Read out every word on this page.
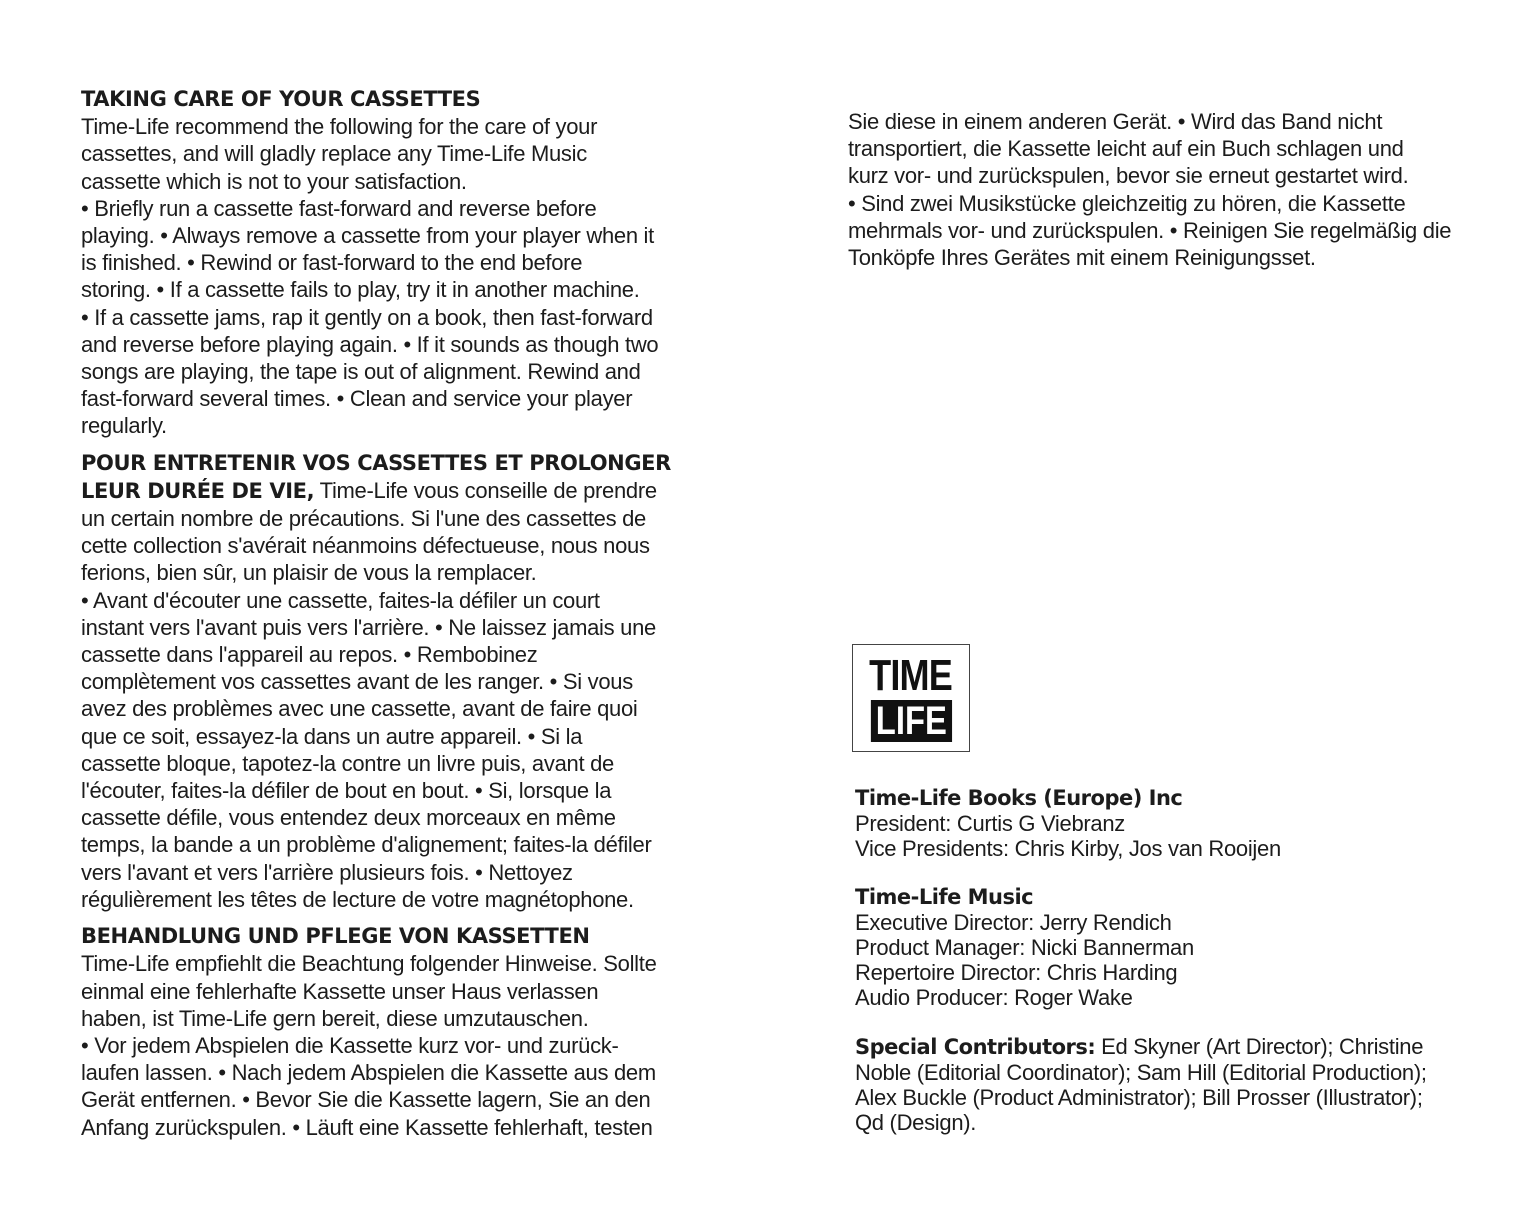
TAKING CARE OF YOUR CASSETTES

Time-Life recommend the following for the care of your

cassettes, and will gladly replace any Time-Life Music

cassette which is not to your satisfaction.

• Briefly run a cassette fast-forward and reverse before

playing. • Always remove a cassette from your player when it

is finished. • Rewind or fast-forward to the end before

storing. • If a cassette fails to play, try it in another machine.

• If a cassette jams, rap it gently on a book, then fast-forward

and reverse before playing again. • If it sounds as though two

songs are playing, the tape is out of alignment. Rewind and

fast-forward several times. • Clean and service your player

regularly.

POUR ENTRETENIR VOS CASSETTES ET PROLONGER

LEUR DURÉE DE VIE, Time-Life vous conseille de prendre

un certain nombre de précautions. Si l'une des cassettes de

cette collection s'avérait néanmoins défectueuse, nous nous

ferions, bien sûr, un plaisir de vous la remplacer.

• Avant d'écouter une cassette, faites-la défiler un court

instant vers l'avant puis vers l'arrière. • Ne laissez jamais une

cassette dans l'appareil au repos. • Rembobinez

complètement vos cassettes avant de les ranger. • Si vous

avez des problèmes avec une cassette, avant de faire quoi

que ce soit, essayez-la dans un autre appareil. • Si la

cassette bloque, tapotez-la contre un livre puis, avant de

l'écouter, faites-la défiler de bout en bout. • Si, lorsque la

cassette défile, vous entendez deux morceaux en même

temps, la bande a un problème d'alignement; faites-la défiler

vers l'avant et vers l'arrière plusieurs fois. • Nettoyez

régulièrement les têtes de lecture de votre magnétophone.

BEHANDLUNG UND PFLEGE VON KASSETTEN

Time-Life empfiehlt die Beachtung folgender Hinweise. Sollte

einmal eine fehlerhafte Kassette unser Haus verlassen

haben, ist Time-Life gern bereit, diese umzutauschen.

• Vor jedem Abspielen die Kassette kurz vor- und zurück-

laufen lassen. • Nach jedem Abspielen die Kassette aus dem

Gerät entfernen. • Bevor Sie die Kassette lagern, Sie an den

Anfang zurückspulen. • Läuft eine Kassette fehlerhaft, testen

Sie diese in einem anderen Gerät. • Wird das Band nicht

transportiert, die Kassette leicht auf ein Buch schlagen und

kurz vor- und zurückspulen, bevor sie erneut gestartet wird.

• Sind zwei Musikstücke gleichzeitig zu hören, die Kassette

mehrmals vor- und zurückspulen. • Reinigen Sie regelmäßig die

Tonköpfe Ihres Gerätes mit einem Reinigungsset.

TIME
LIFE

Time-Life Books (Europe) Inc

President: Curtis G Viebranz

Vice Presidents: Chris Kirby, Jos van Rooijen

Time-Life Music

Executive Director: Jerry Rendich

Product Manager: Nicki Bannerman

Repertoire Director: Chris Harding

Audio Producer: Roger Wake

Special Contributors: Ed Skyner (Art Director); Christine

Noble (Editorial Coordinator); Sam Hill (Editorial Production);

Alex Buckle (Product Administrator); Bill Prosser (Illustrator);

Qd (Design).
